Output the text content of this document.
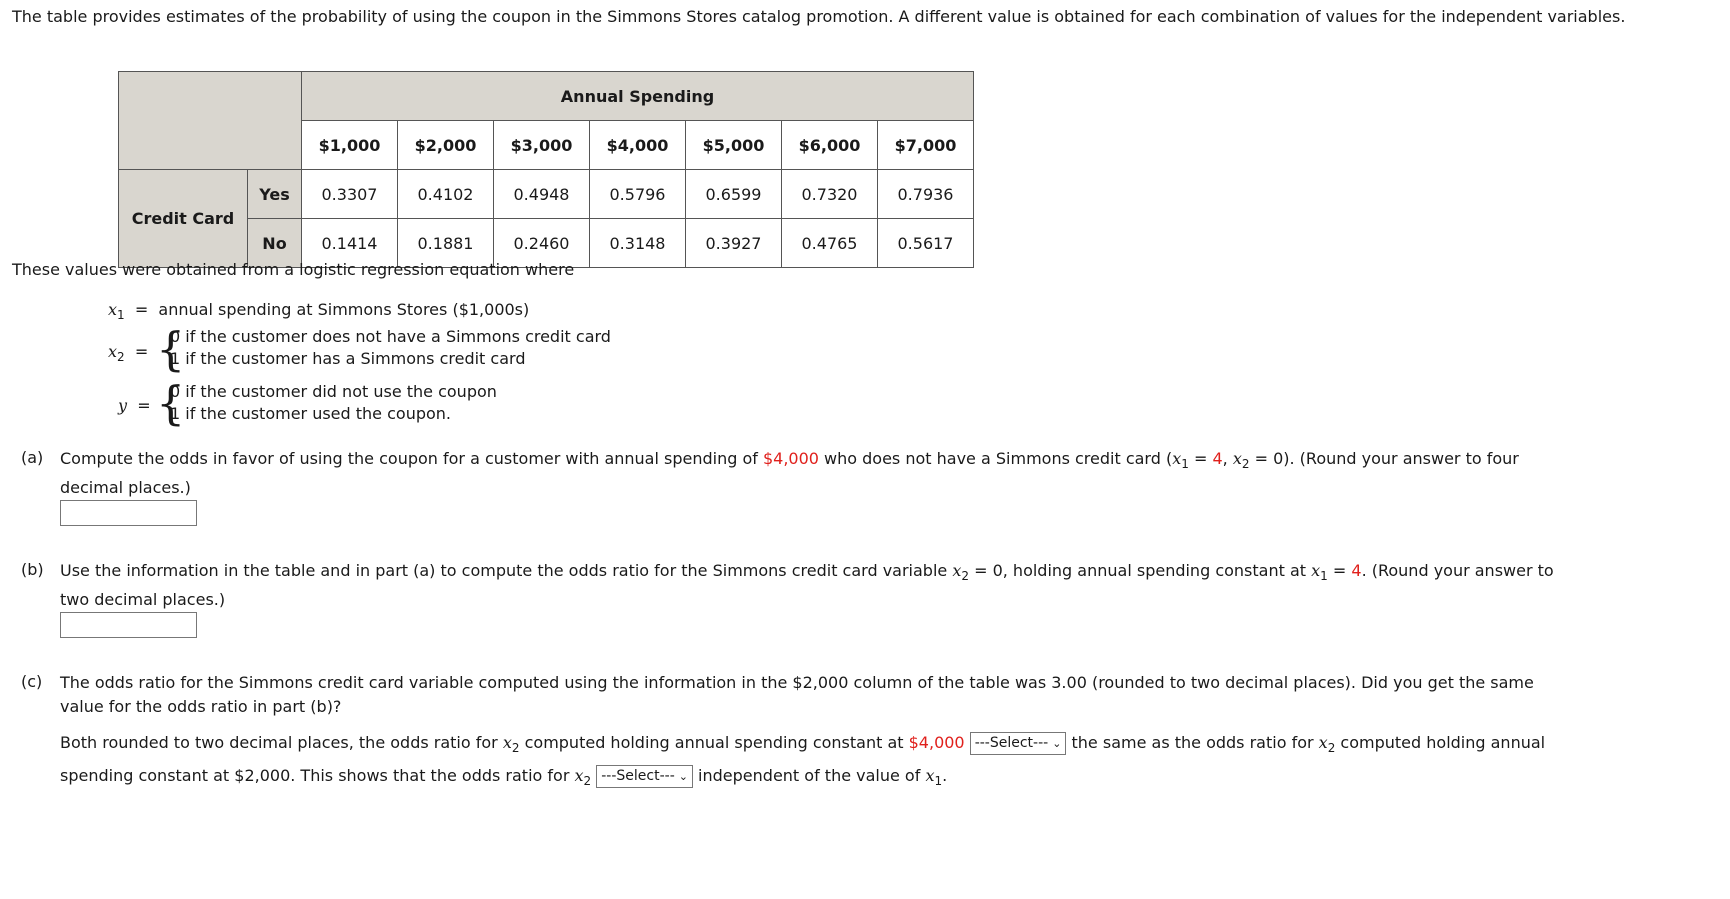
The table provides estimates of the probability of using the coupon in the Simmons Stores catalog promotion. A different value is obtained for each combination of values for the independent variables.

		Annual Spending						
		$1,000	$2,000	$3,000	$4,000	$5,000	$6,000	$7,000
Credit Card	Yes	0.3307	0.4102	0.4948	0.5796	0.6599	0.7320	0.7936
	No	0.1414	0.1881	0.2460	0.3148	0.3927	0.4765	0.5617

These values were obtained from a logistic regression equation where

$x_1$  =  annual spending at Simmons Stores ($1,000s)
$x_2$  = {
0 if the customer does not have a Simmons credit card
1 if the customer has a Simmons credit card
y  = {
0 if the customer did not use the coupon
1 if the customer used the coupon.
(a) Compute the odds in favor of using the coupon for a customer with annual spending of $4,000 who does not have a Simmons credit card ($x_1 = 4$, $x_2 = 0$). (Round your answer to four decimal places.)
(b) Use the information in the table and in part (a) to compute the odds ratio for the Simmons credit card variable $x_2 = 0$, holding annual spending constant at $x_1 = 4$. (Round your answer to two decimal places.)
(c) The odds ratio for the Simmons credit card variable computed using the information in the $2,000 column of the table was 3.00 (rounded to two decimal places). Did you get the same value for the odds ratio in part (b)?
Both rounded to two decimal places, the odds ratio for $x_2$ computed holding annual spending constant at $4,000 ---Select--- ⌄ the same as the odds ratio for $x_2$ computed holding annual spending constant at $2,000. This shows that the odds ratio for $x_2$ ---Select--- ⌄ independent of the value of $x_1$.
